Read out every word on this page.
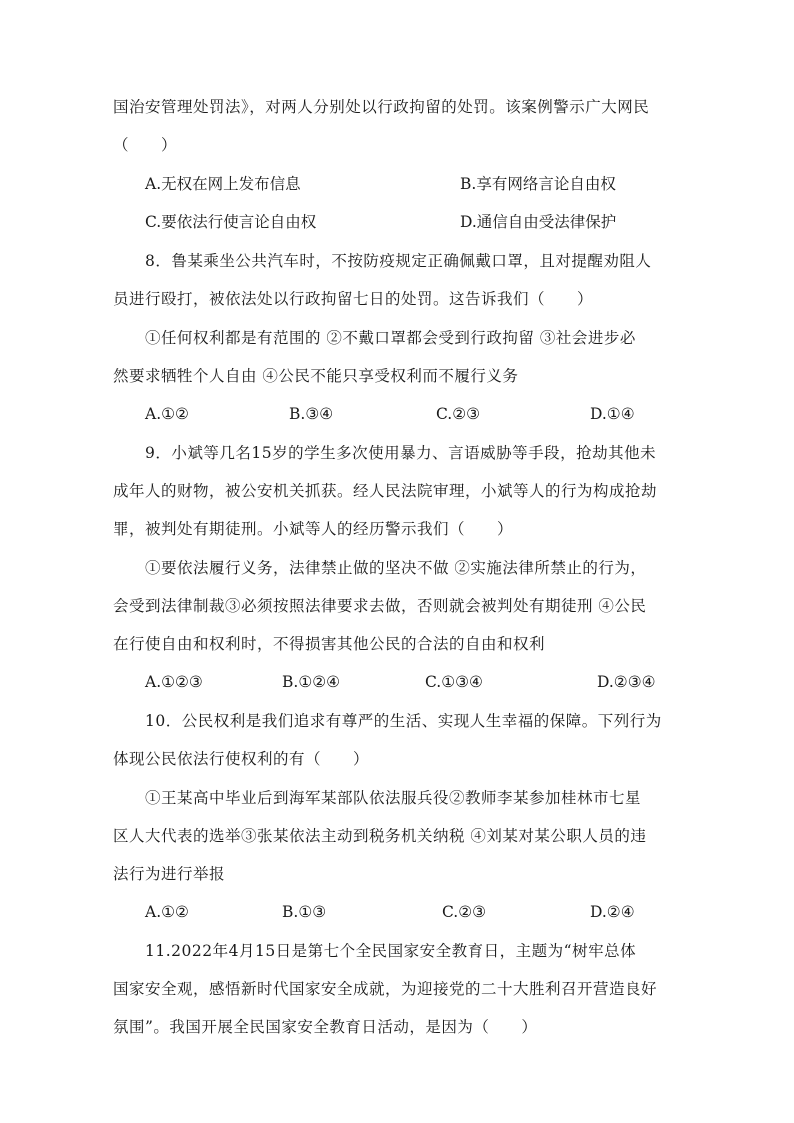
国治安管理处罚法》，对两人分别处以行政拘留的处罚。该案例警示广大网民
（　　）
A.无权在网上发布信息	B.享有网络言论自由权
C.要依法行使言论自由权	D.通信自由受法律保护
8．鲁某乘坐公共汽车时，不按防疫规定正确佩戴口罩，且对提醒劝阻人
员进行殴打，被依法处以行政拘留七日的处罚。这告诉我们（　　）
①任何权利都是有范围的 ②不戴口罩都会受到行政拘留 ③社会进步必
然要求牺牲个人自由 ④公民不能只享受权利而不履行义务
A.①②	B.③④	C.②③	D.①④
9．小斌等几名15岁的学生多次使用暴力、言语威胁等手段，抢劫其他未
成年人的财物，被公安机关抓获。经人民法院审理，小斌等人的行为构成抢劫
罪，被判处有期徒刑。小斌等人的经历警示我们（　　）
①要依法履行义务，法律禁止做的坚决不做 ②实施法律所禁止的行为，
会受到法律制裁③必须按照法律要求去做，否则就会被判处有期徒刑 ④公民
在行使自由和权利时，不得损害其他公民的合法的自由和权利
A.①②③	B.①②④	C.①③④	D.②③④
10．公民权利是我们追求有尊严的生活、实现人生幸福的保障。下列行为
体现公民依法行使权利的有（　　）
①王某高中毕业后到海军某部队依法服兵役②教师李某参加桂林市七星
区人大代表的选举③张某依法主动到税务机关纳税 ④刘某对某公职人员的违
法行为进行举报
A.①②	B.①③	C.②③	D.②④
11.2022年4月15日是第七个全民国家安全教育日，主题为“树牢总体
国家安全观，感悟新时代国家安全成就，为迎接党的二十大胜利召开营造良好
氛围”。我国开展全民国家安全教育日活动，是因为（　　）
